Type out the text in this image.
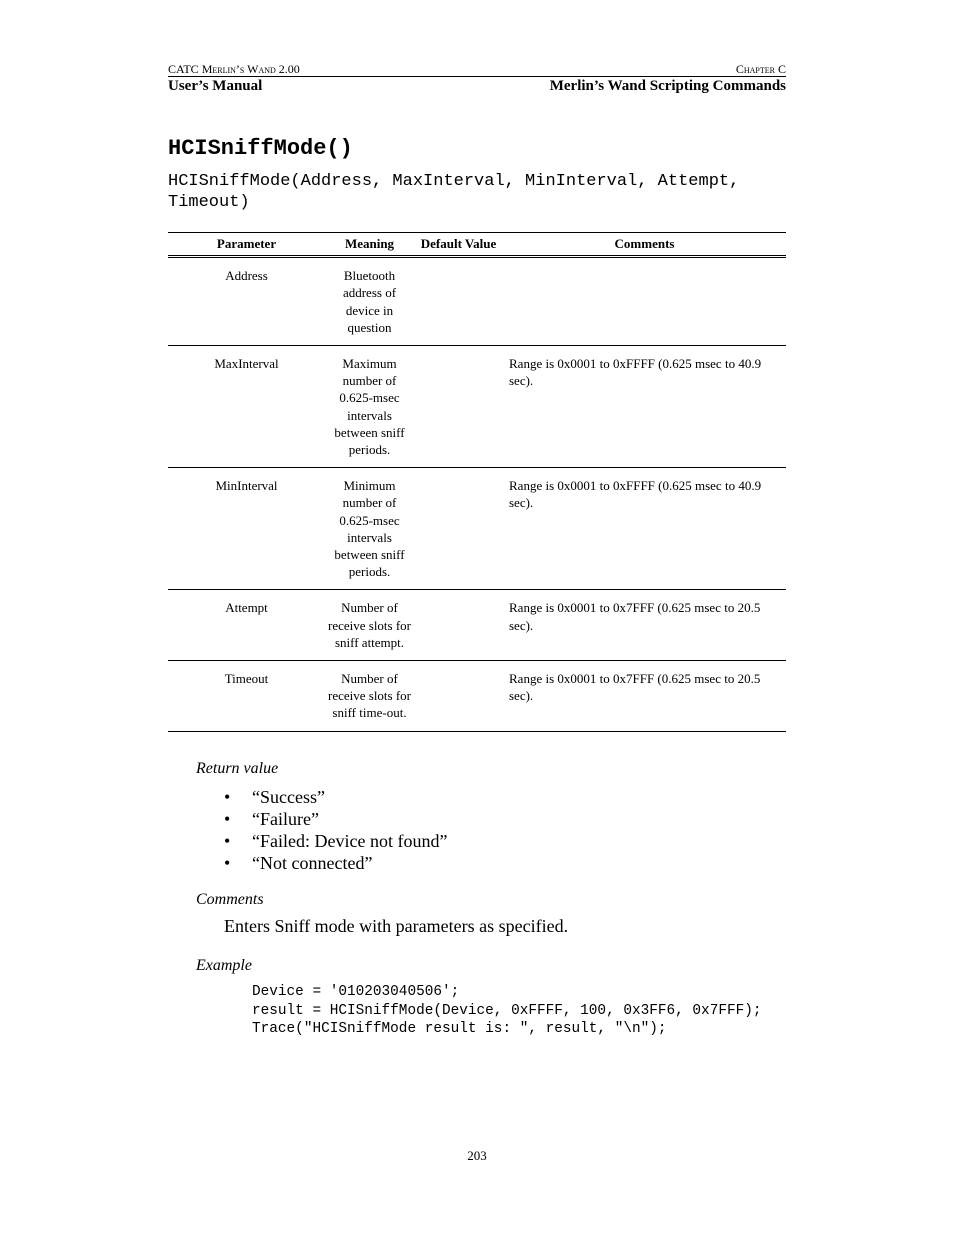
CATC Merlin’s Wand 2.00	Chapter C
User’s Manual	Merlin’s Wand Scripting Commands
HCISniffMode()
HCISniffMode(Address, MaxInterval, MinInterval, Attempt, Timeout)
Parameter	Meaning	Default Value	Comments
Address	Bluetooth address of device in question		
MaxInterval	Maximum number of 0.625-msec intervals between sniff periods.		Range is 0x0001 to 0xFFFF (0.625 msec to 40.9 sec).
MinInterval	Minimum number of 0.625-msec intervals between sniff periods.		Range is 0x0001 to 0xFFFF (0.625 msec to 40.9 sec).
Attempt	Number of receive slots for sniff attempt.		Range is 0x0001 to 0x7FFF (0.625 msec to 20.5 sec).
Timeout	Number of receive slots for sniff time-out.		Range is 0x0001 to 0x7FFF (0.625 msec to 20.5 sec).
Return value
• “Success”
• “Failure”
• “Failed: Device not found”
• “Not connected”
Comments
Enters Sniff mode with parameters as specified.
Example
Device = '010203040506';
result = HCISniffMode(Device, 0xFFFF, 100, 0x3FF6, 0x7FFF);
Trace("HCISniffMode result is: ", result, "\n");
203
